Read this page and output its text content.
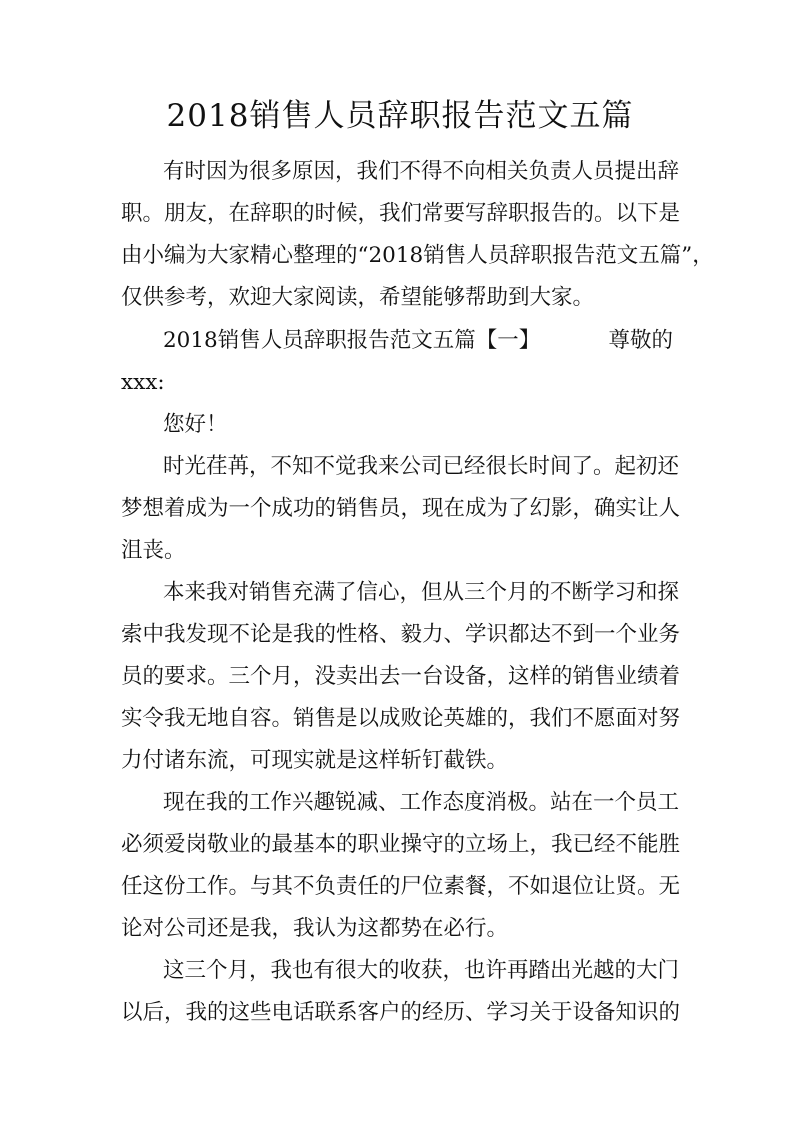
2018销售人员辞职报告范文五篇

有时因为很多原因，我们不得不向相关负责人员提出辞

职。朋友，在辞职的时候，我们常要写辞职报告的。以下是

由小编为大家精心整理的“2018销售人员辞职报告范文五篇”，

仅供参考，欢迎大家阅读，希望能够帮助到大家。

2018销售人员辞职报告范文五篇【一】	尊敬的

xxx:

您好！

时光荏苒，不知不觉我来公司已经很长时间了。起初还

梦想着成为一个成功的销售员，现在成为了幻影，确实让人

沮丧。

本来我对销售充满了信心，但从三个月的不断学习和探

索中我发现不论是我的性格、毅力、学识都达不到一个业务

员的要求。三个月，没卖出去一台设备，这样的销售业绩着

实令我无地自容。销售是以成败论英雄的，我们不愿面对努

力付诸东流，可现实就是这样斩钉截铁。

现在我的工作兴趣锐减、工作态度消极。站在一个员工

必须爱岗敬业的最基本的职业操守的立场上，我已经不能胜

任这份工作。与其不负责任的尸位素餐，不如退位让贤。无

论对公司还是我，我认为这都势在必行。

这三个月，我也有很大的收获，也许再踏出光越的大门

以后，我的这些电话联系客户的经历、学习关于设备知识的
